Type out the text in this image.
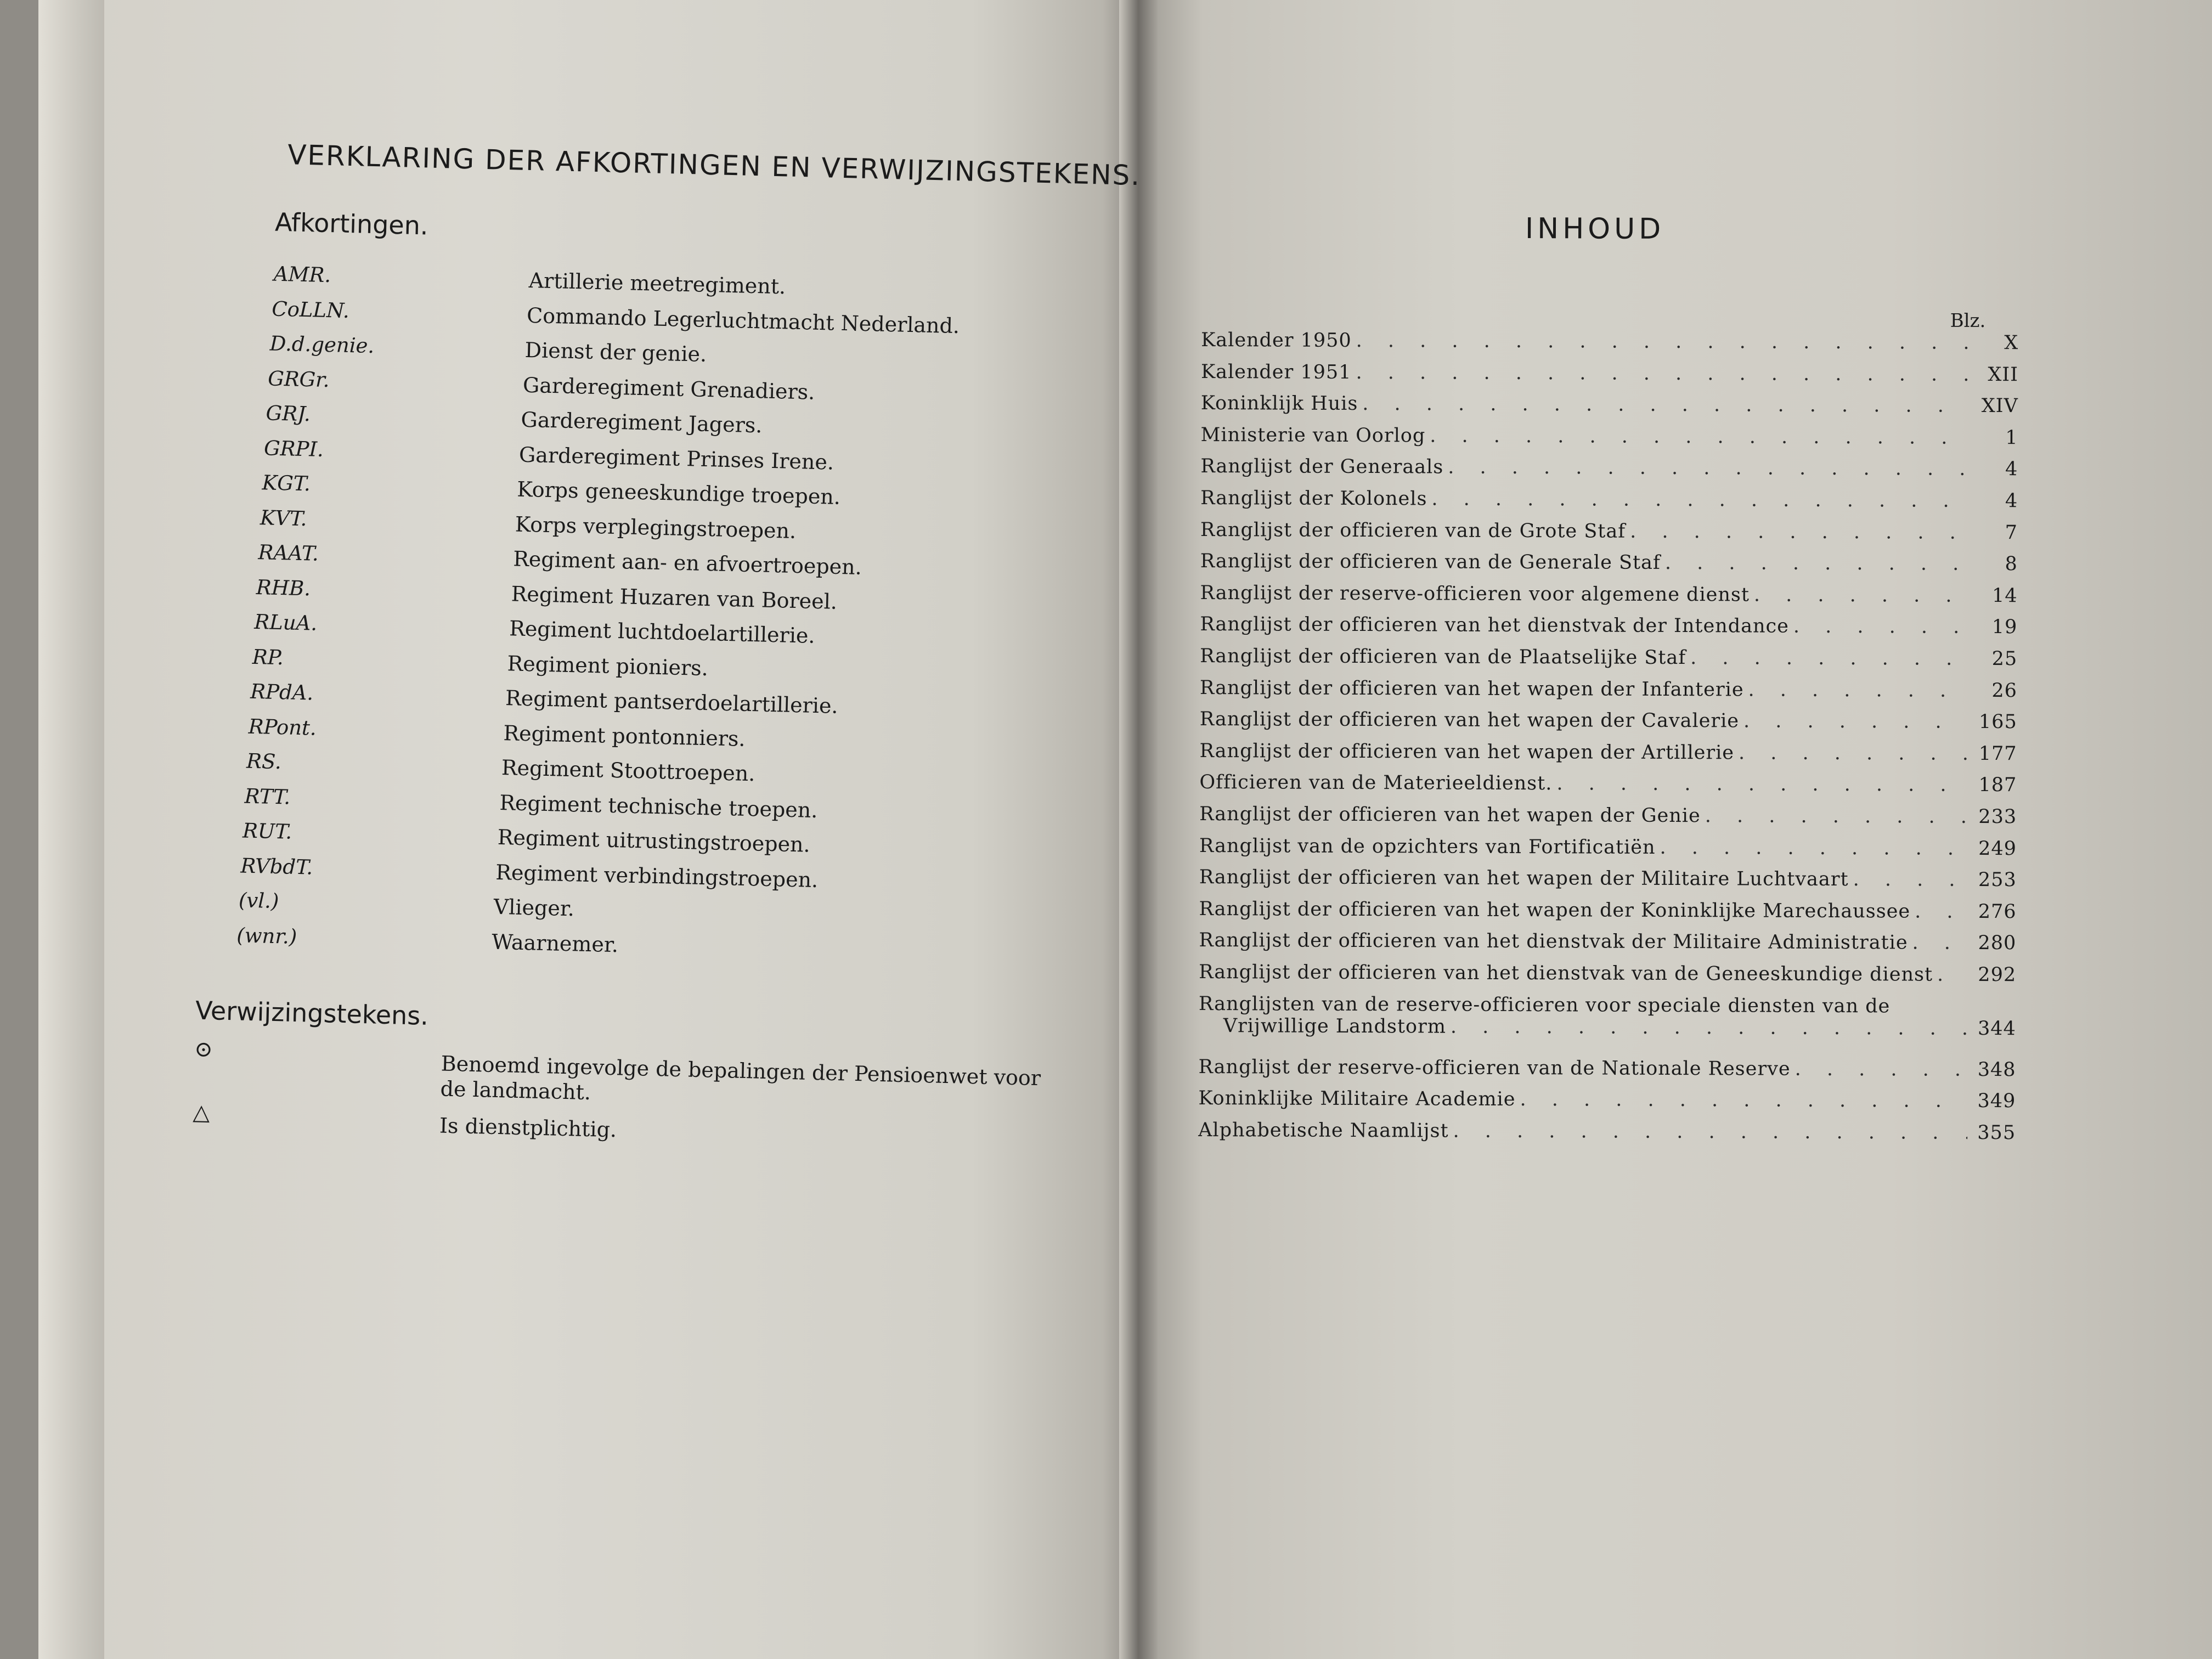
VERKLARING DER AFKORTINGEN EN VERWIJZINGSTEKENS.
Afkortingen.
AMR.	Artillerie meetregiment.
CoLLN.	Commando Legerluchtmacht Nederland.
D.d.genie.	Dienst der genie.
GRGr.	Garderegiment Grenadiers.
GRJ.	Garderegiment Jagers.
GRPI.	Garderegiment Prinses Irene.
KGT.	Korps geneeskundige troepen.
KVT.	Korps verplegingstroepen.
RAAT.	Regiment aan- en afvoertroepen.
RHB.	Regiment Huzaren van Boreel.
RLuA.	Regiment luchtdoelartillerie.
RP.	Regiment pioniers.
RPdA.	Regiment pantserdoelartillerie.
RPont.	Regiment pontonniers.
RS.	Regiment Stoottroepen.
RTT.	Regiment technische troepen.
RUT.	Regiment uitrustingstroepen.
RVbdT.	Regiment verbindingstroepen.
(vl.)	Vlieger.
(wnr.)	Waarnemer.
Verwijzingstekens.
⊙
Benoemd ingevolge de bepalingen der Pensioenwet voor de landmacht.
△
Is dienstplichtig.
INHOUD
Blz.
Kalender 1950 . . .	X
Kalender 1951 . . .	XII
Koninklijk Huis . . .	XIV
Ministerie van Oorlog . . .	1
Ranglijst der Generaals . . .	4
Ranglijst der Kolonels . . .	4
Ranglijst der officieren van de Grote Staf . . .	7
Ranglijst der officieren van de Generale Staf . . .	8
Ranglijst der reserve-officieren voor algemene dienst . . .	14
Ranglijst der officieren van het dienstvak der Intendance . . .	19
Ranglijst der officieren van de Plaatselijke Staf . . .	25
Ranglijst der officieren van het wapen der Infanterie . . .	26
Ranglijst der officieren van het wapen der Cavalerie . . .	165
Ranglijst der officieren van het wapen der Artillerie . . .	177
Officieren van de Materieeldienst. . . .	187
Ranglijst der officieren van het wapen der Genie . . .	233
Ranglijst van de opzichters van Fortificatiën . . .	249
Ranglijst der officieren van het wapen der Militaire Luchtvaart . . .	253
Ranglijst der officieren van het wapen der Koninklijke Marechaussee . . .	276
Ranglijst der officieren van het dienstvak der Militaire Administratie . . .	280
Ranglijst der officieren van het dienstvak van de Geneeskundige dienst . . . 292
Ranglijsten van de reserve-officieren voor speciale diensten van de
Vrijwillige Landstorm . . .	344
Ranglijst der reserve-officieren van de Nationale Reserve . . .	348
Koninklijke Militaire Academie . . .	349
Alphabetische Naamlijst . . .	355
